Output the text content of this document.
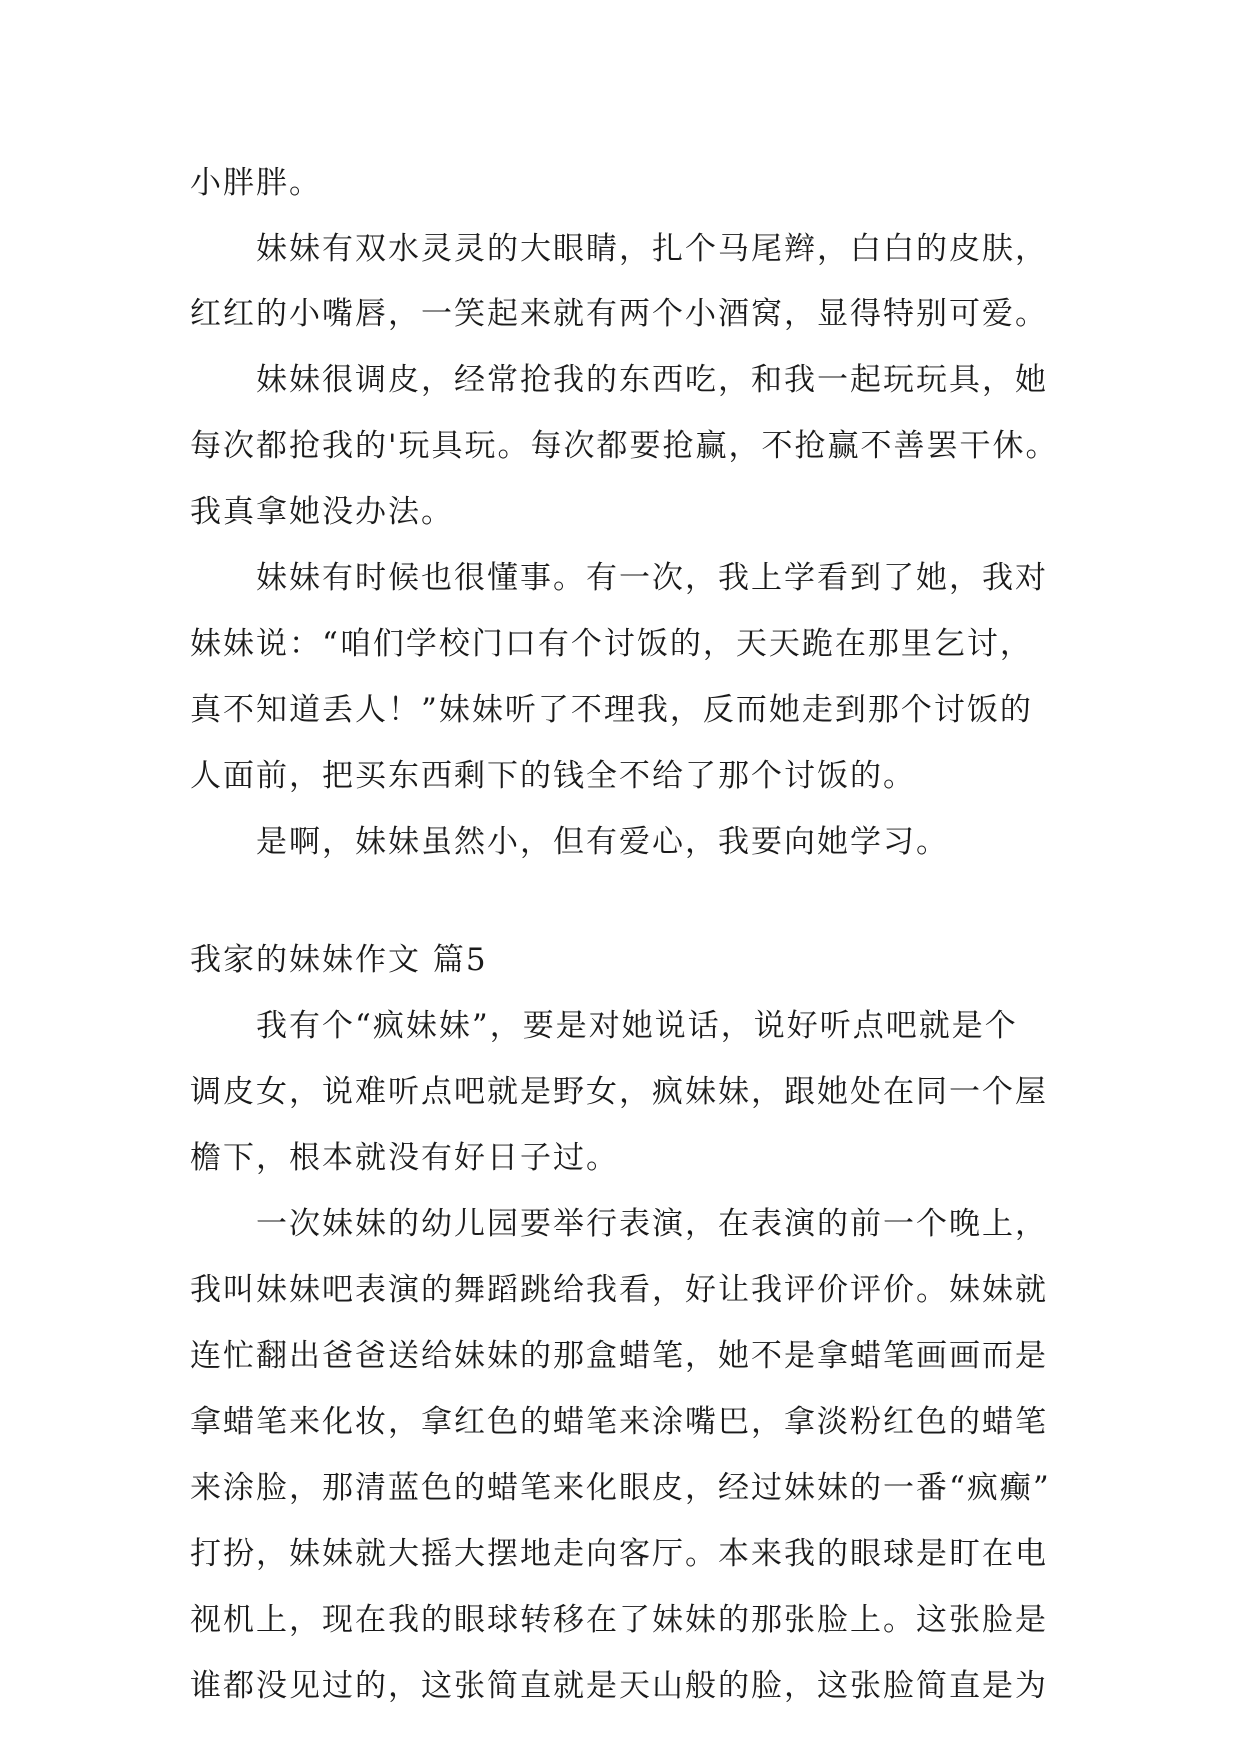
小胖胖。
妹妹有双水灵灵的大眼睛，扎个马尾辫，白白的皮肤，
红红的小嘴唇，一笑起来就有两个小酒窝，显得特别可爱。
妹妹很调皮，经常抢我的东西吃，和我一起玩玩具，她
每次都抢我的'玩具玩。每次都要抢赢，不抢赢不善罢干休。
我真拿她没办法。
妹妹有时候也很懂事。有一次，我上学看到了她，我对
妹妹说：“咱们学校门口有个讨饭的，天天跪在那里乞讨，
真不知道丢人！”妹妹听了不理我，反而她走到那个讨饭的
人面前，把买东西剩下的钱全不给了那个讨饭的。
是啊，妹妹虽然小，但有爱心，我要向她学习。
我家的妹妹作文 篇5
我有个“疯妹妹”，要是对她说话，说好听点吧就是个
调皮女，说难听点吧就是野女，疯妹妹，跟她处在同一个屋
檐下，根本就没有好日子过。
一次妹妹的幼儿园要举行表演，在表演的前一个晚上，
我叫妹妹吧表演的舞蹈跳给我看，好让我评价评价。妹妹就
连忙翻出爸爸送给妹妹的那盒蜡笔，她不是拿蜡笔画画而是
拿蜡笔来化妆，拿红色的蜡笔来涂嘴巴，拿淡粉红色的蜡笔
来涂脸，那清蓝色的蜡笔来化眼皮，经过妹妹的一番“疯癫”
打扮，妹妹就大摇大摆地走向客厅。本来我的眼球是盯在电
视机上，现在我的眼球转移在了妹妹的那张脸上。这张脸是
谁都没见过的，这张简直就是天山般的脸，这张脸简直是为
